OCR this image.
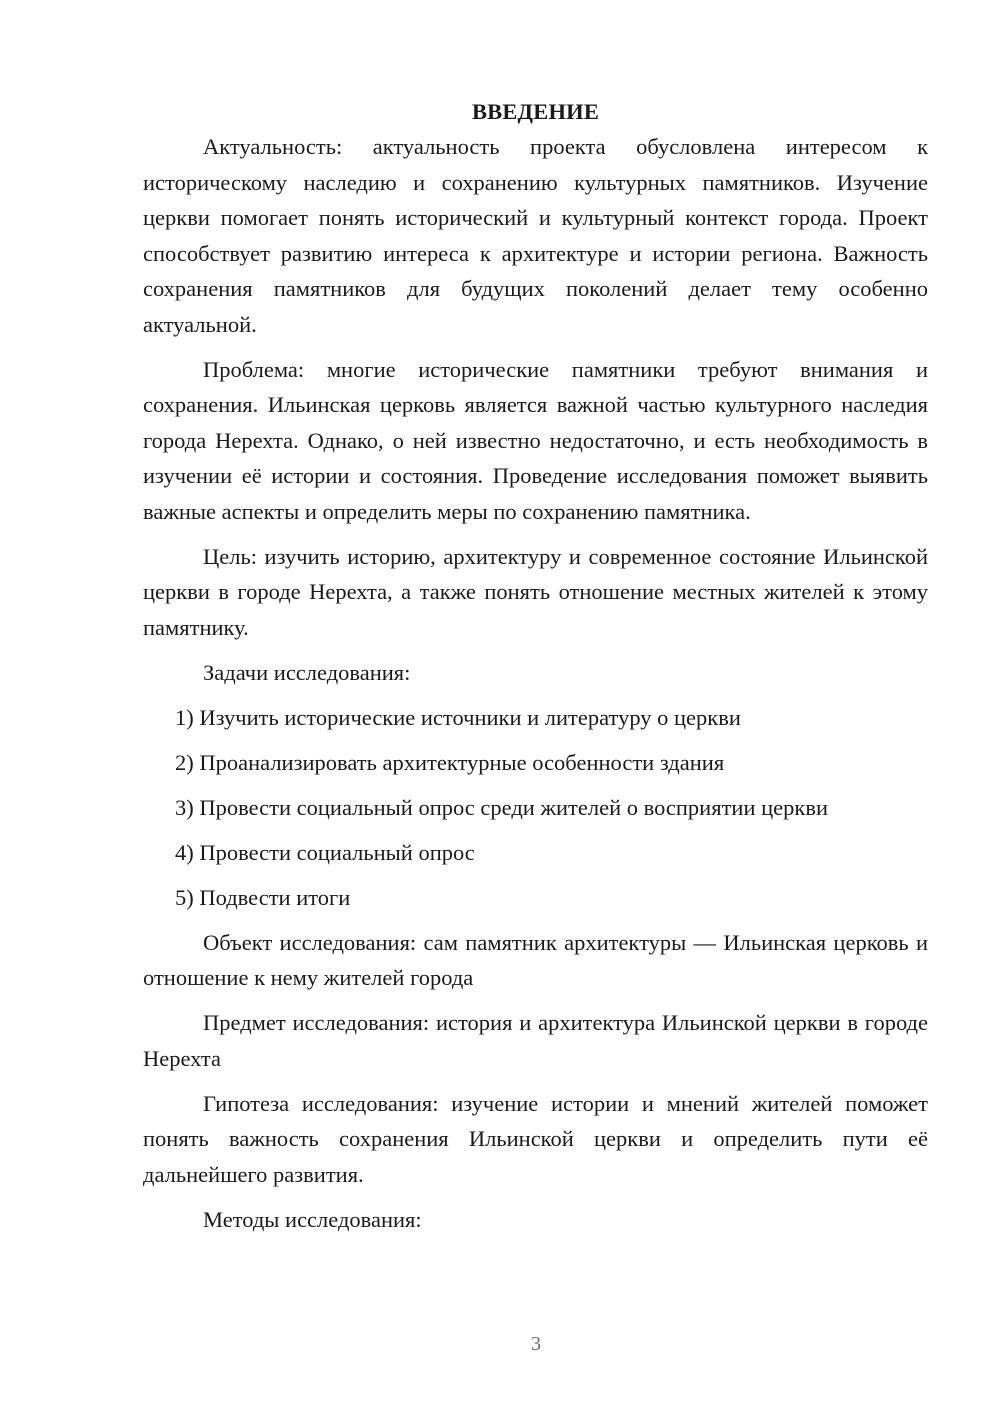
ВВЕДЕНИЕ

Актуальность: актуальность проекта обусловлена интересом к историческому наследию и сохранению культурных памятников. Изучение церкви помогает понять исторический и культурный контекст города. Проект способствует развитию интереса к архитектуре и истории региона. Важность сохранения памятников для будущих поколений делает тему особенно актуальной.

Проблема: многие исторические памятники требуют внимания и сохранения. Ильинская церковь является важной частью культурного наследия города Нерехта. Однако, о ней известно недостаточно, и есть необходимость в изучении её истории и состояния. Проведение исследования поможет выявить важные аспекты и определить меры по сохранению памятника.

Цель: изучить историю, архитектуру и современное состояние Ильинской церкви в городе Нерехта, а также понять отношение местных жителей к этому памятнику.

Задачи исследования:

1) Изучить исторические источники и литературу о церкви

2) Проанализировать архитектурные особенности здания

3) Провести социальный опрос среди жителей о восприятии церкви

4) Провести социальный опрос

5) Подвести итоги

Объект исследования: сам памятник архитектуры — Ильинская церковь и отношение к нему жителей города

Предмет исследования: история и архитектура Ильинской церкви в городе Нерехта

Гипотеза исследования: изучение истории и мнений жителей поможет понять важность сохранения Ильинской церкви и определить пути её дальнейшего развития.

Методы исследования:

3
